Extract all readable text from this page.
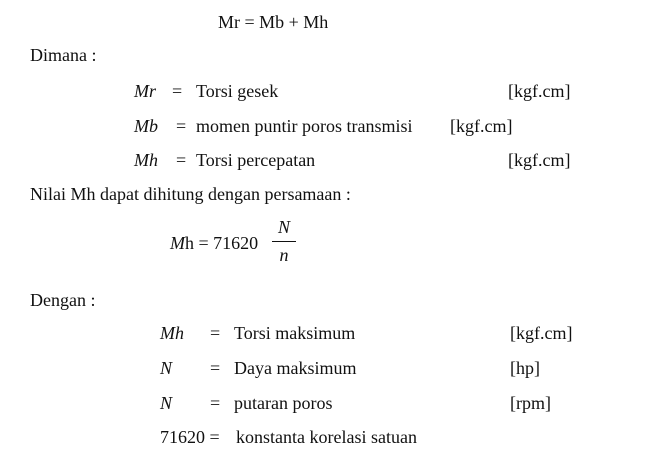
Mr = Mb + Mh
Dimana :
Mr = Torsi gesek	[kgf.cm]
Mb = momen puntir poros transmisi [kgf.cm]
Mh = Torsi percepatan	[kgf.cm]
Nilai Mh dapat dihitung dengan persamaan :
Mh = 71620
N
n
Dengan :
Mh = Torsi maksimum	[kgf.cm]
N = Daya maksimum	[hp]
N = putaran poros	[rpm]
71620 = konstanta korelasi satuan
